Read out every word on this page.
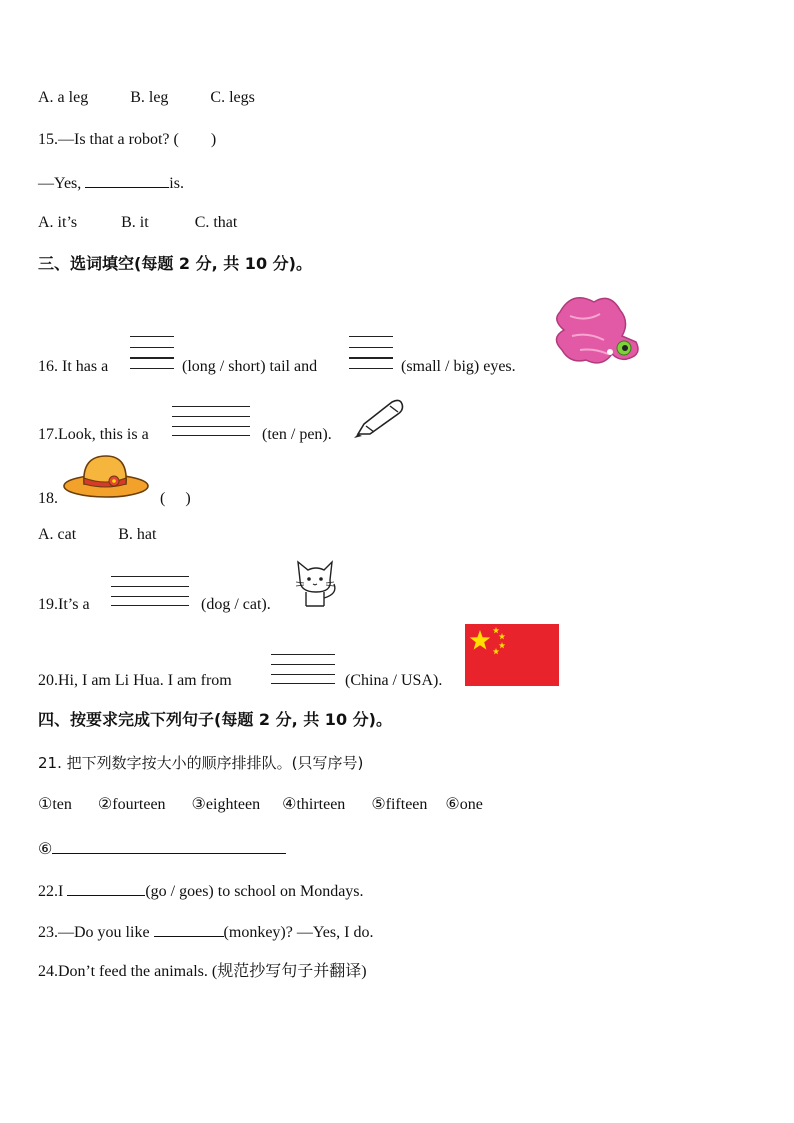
A. a leg	B. leg	C. legs
15.—Is that a robot? (　　)
—Yes,	is.
A. it’s	B. it	C. that
三、选词填空(每题 2 分, 共 10 分)。
16. It has a	(long / short) tail and	(small / big) eyes.
17.Look, this is a	(ten / pen).
18.	(　 )
A. cat	B. hat
19.It’s a	(dog / cat).
20.Hi, I am Li Hua. I am from	(China / USA).
四、按要求完成下列句子(每题 2 分, 共 10 分)。
21. 把下列数字按大小的顺序排排队。(只写序号)
①ten ②fourteen ③eighteen ④thirteen ⑤fifteen ⑥one
⑥
22.I	(go / goes) to school on Mondays.
23.—Do you like	(monkey)? —Yes, I do.
24.Don’t feed the animals. (规范抄写句子并翻译)
